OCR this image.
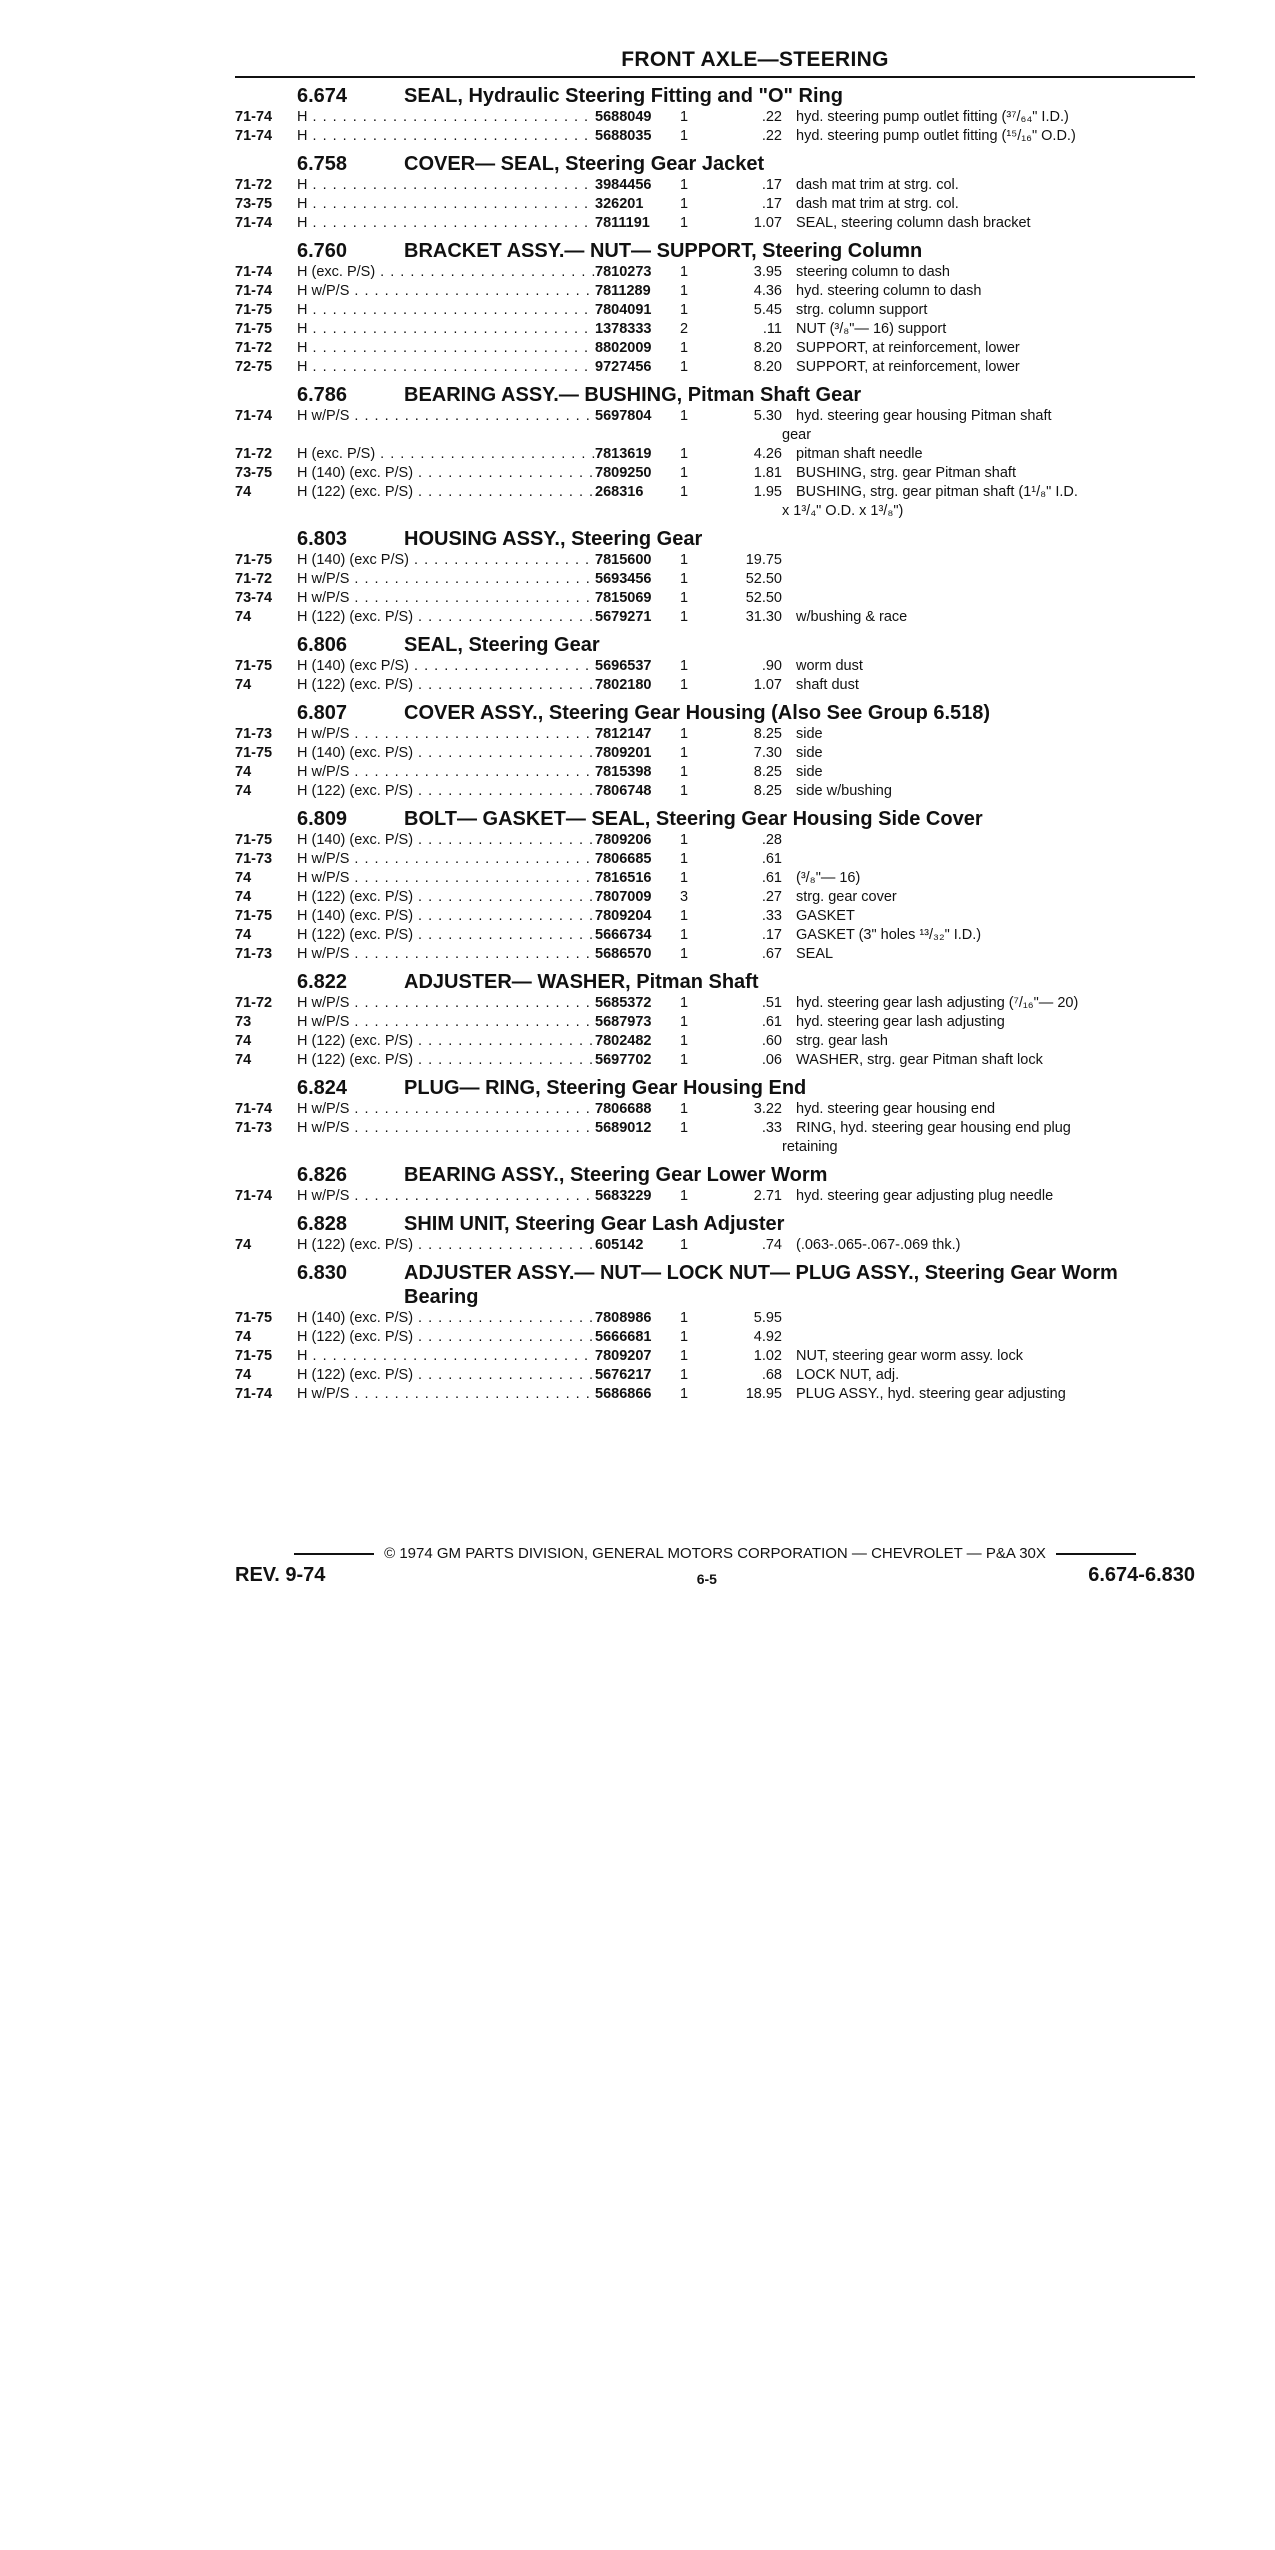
FRONT AXLE—STEERING
6.674	SEAL, Hydraulic Steering Fitting and "O" Ring
71-74	H . . .	5688049	1	.22 hyd. steering pump outlet fitting (³⁷/₆₄" I.D.)
71-74	H . . .	5688035	1	.22 hyd. steering pump outlet fitting (¹⁵/₁₆" O.D.)
6.758	COVER— SEAL, Steering Gear Jacket
71-72	H . . .	3984456	1	.17 dash mat trim at strg. col.
73-75	H . . .	326201	1	.17 dash mat trim at strg. col.
71-74	H . . .	7811191	1	1.07 SEAL, steering column dash bracket
6.760	BRACKET ASSY.— NUT— SUPPORT, Steering Column
71-74	H (exc. P/S) . . .	7810273	1	3.95 steering column to dash
71-74	H w/P/S . . .	7811289	1	4.36 hyd. steering column to dash
71-75	H . . .	7804091	1	5.45 strg. column support
71-75	H . . .	1378333	2	.11 NUT (³/₈"— 16) support
71-72	H . . .	8802009	1	8.20 SUPPORT, at reinforcement, lower
72-75	H . . .	9727456	1	8.20 SUPPORT, at reinforcement, lower
6.786	BEARING ASSY.— BUSHING, Pitman Shaft Gear
71-74	H w/P/S . . .	5697804	1	5.30 hyd. steering gear housing Pitman shaft
gear
71-72	H (exc. P/S) . . .	7813619	1	4.26 pitman shaft needle
73-75	H (140) (exc. P/S) . . .	7809250	1	1.81 BUSHING, strg. gear Pitman shaft
74	H (122) (exc. P/S) . . .	268316	1	1.95 BUSHING, strg. gear pitman shaft (1¹/₈" I.D.
x 1³/₄" O.D. x 1³/₈")
6.803	HOUSING ASSY., Steering Gear
71-75	H (140) (exc P/S) . . .	7815600	1	19.75
71-72	H w/P/S . . .	5693456	1	52.50
73-74	H w/P/S . . .	7815069	1	52.50
74	H (122) (exc. P/S) . . .	5679271	1	31.30 w/bushing & race
6.806	SEAL, Steering Gear
71-75	H (140) (exc P/S) . . .	5696537	1	.90 worm dust
74	H (122) (exc. P/S) . . .	7802180	1	1.07 shaft dust
6.807	COVER ASSY., Steering Gear Housing (Also See Group 6.518)
71-73	H w/P/S . . .	7812147	1	8.25 side
71-75	H (140) (exc. P/S) . . .	7809201	1	7.30 side
74	H w/P/S . . .	7815398	1	8.25 side
74	H (122) (exc. P/S) . . .	7806748	1	8.25 side w/bushing
6.809	BOLT— GASKET— SEAL, Steering Gear Housing Side Cover
71-75	H (140) (exc. P/S) . . .	7809206	1	.28
71-73	H w/P/S . . .	7806685	1	.61
74	H w/P/S . . .	7816516	1	.61 (³/₈"— 16)
74	H (122) (exc. P/S) . . .	7807009	3	.27 strg. gear cover
71-75	H (140) (exc. P/S) . . .	7809204	1	.33 GASKET
74	H (122) (exc. P/S) . . .	5666734	1	.17 GASKET (3" holes ¹³/₃₂" I.D.)
71-73	H w/P/S . . .	5686570	1	.67 SEAL
6.822	ADJUSTER— WASHER, Pitman Shaft
71-72	H w/P/S . . .	5685372	1	.51 hyd. steering gear lash adjusting (⁷/₁₆"— 20)
73	H w/P/S . . .	5687973	1	.61 hyd. steering gear lash adjusting
74	H (122) (exc. P/S) . . .	7802482	1	.60 strg. gear lash
74	H (122) (exc. P/S) . . .	5697702	1	.06 WASHER, strg. gear Pitman shaft lock
6.824	PLUG— RING, Steering Gear Housing End
71-74	H w/P/S . . .	7806688	1	3.22 hyd. steering gear housing end
71-73	H w/P/S . . .	5689012	1	.33 RING, hyd. steering gear housing end plug
retaining
6.826	BEARING ASSY., Steering Gear Lower Worm
71-74	H w/P/S . . .	5683229	1	2.71 hyd. steering gear adjusting plug needle
6.828	SHIM UNIT, Steering Gear Lash Adjuster
74	H (122) (exc. P/S) . . .	605142	1	.74 (.063-.065-.067-.069 thk.)
6.830	ADJUSTER ASSY.— NUT— LOCK NUT— PLUG ASSY., Steering Gear Worm Bearing
71-75	H (140) (exc. P/S) . . .	7808986	1	5.95
74	H (122) (exc. P/S) . . .	5666681	1	4.92
71-75	H . . .	7809207	1	1.02 NUT, steering gear worm assy. lock
74	H (122) (exc. P/S) . . .	5676217	1	.68 LOCK NUT, adj.
71-74	H w/P/S . . .	5686866	1	18.95 PLUG ASSY., hyd. steering gear adjusting
© 1974 GM PARTS DIVISION, GENERAL MOTORS CORPORATION — CHEVROLET — P&A 30X
REV. 9-74	6-5	6.674-6.830
